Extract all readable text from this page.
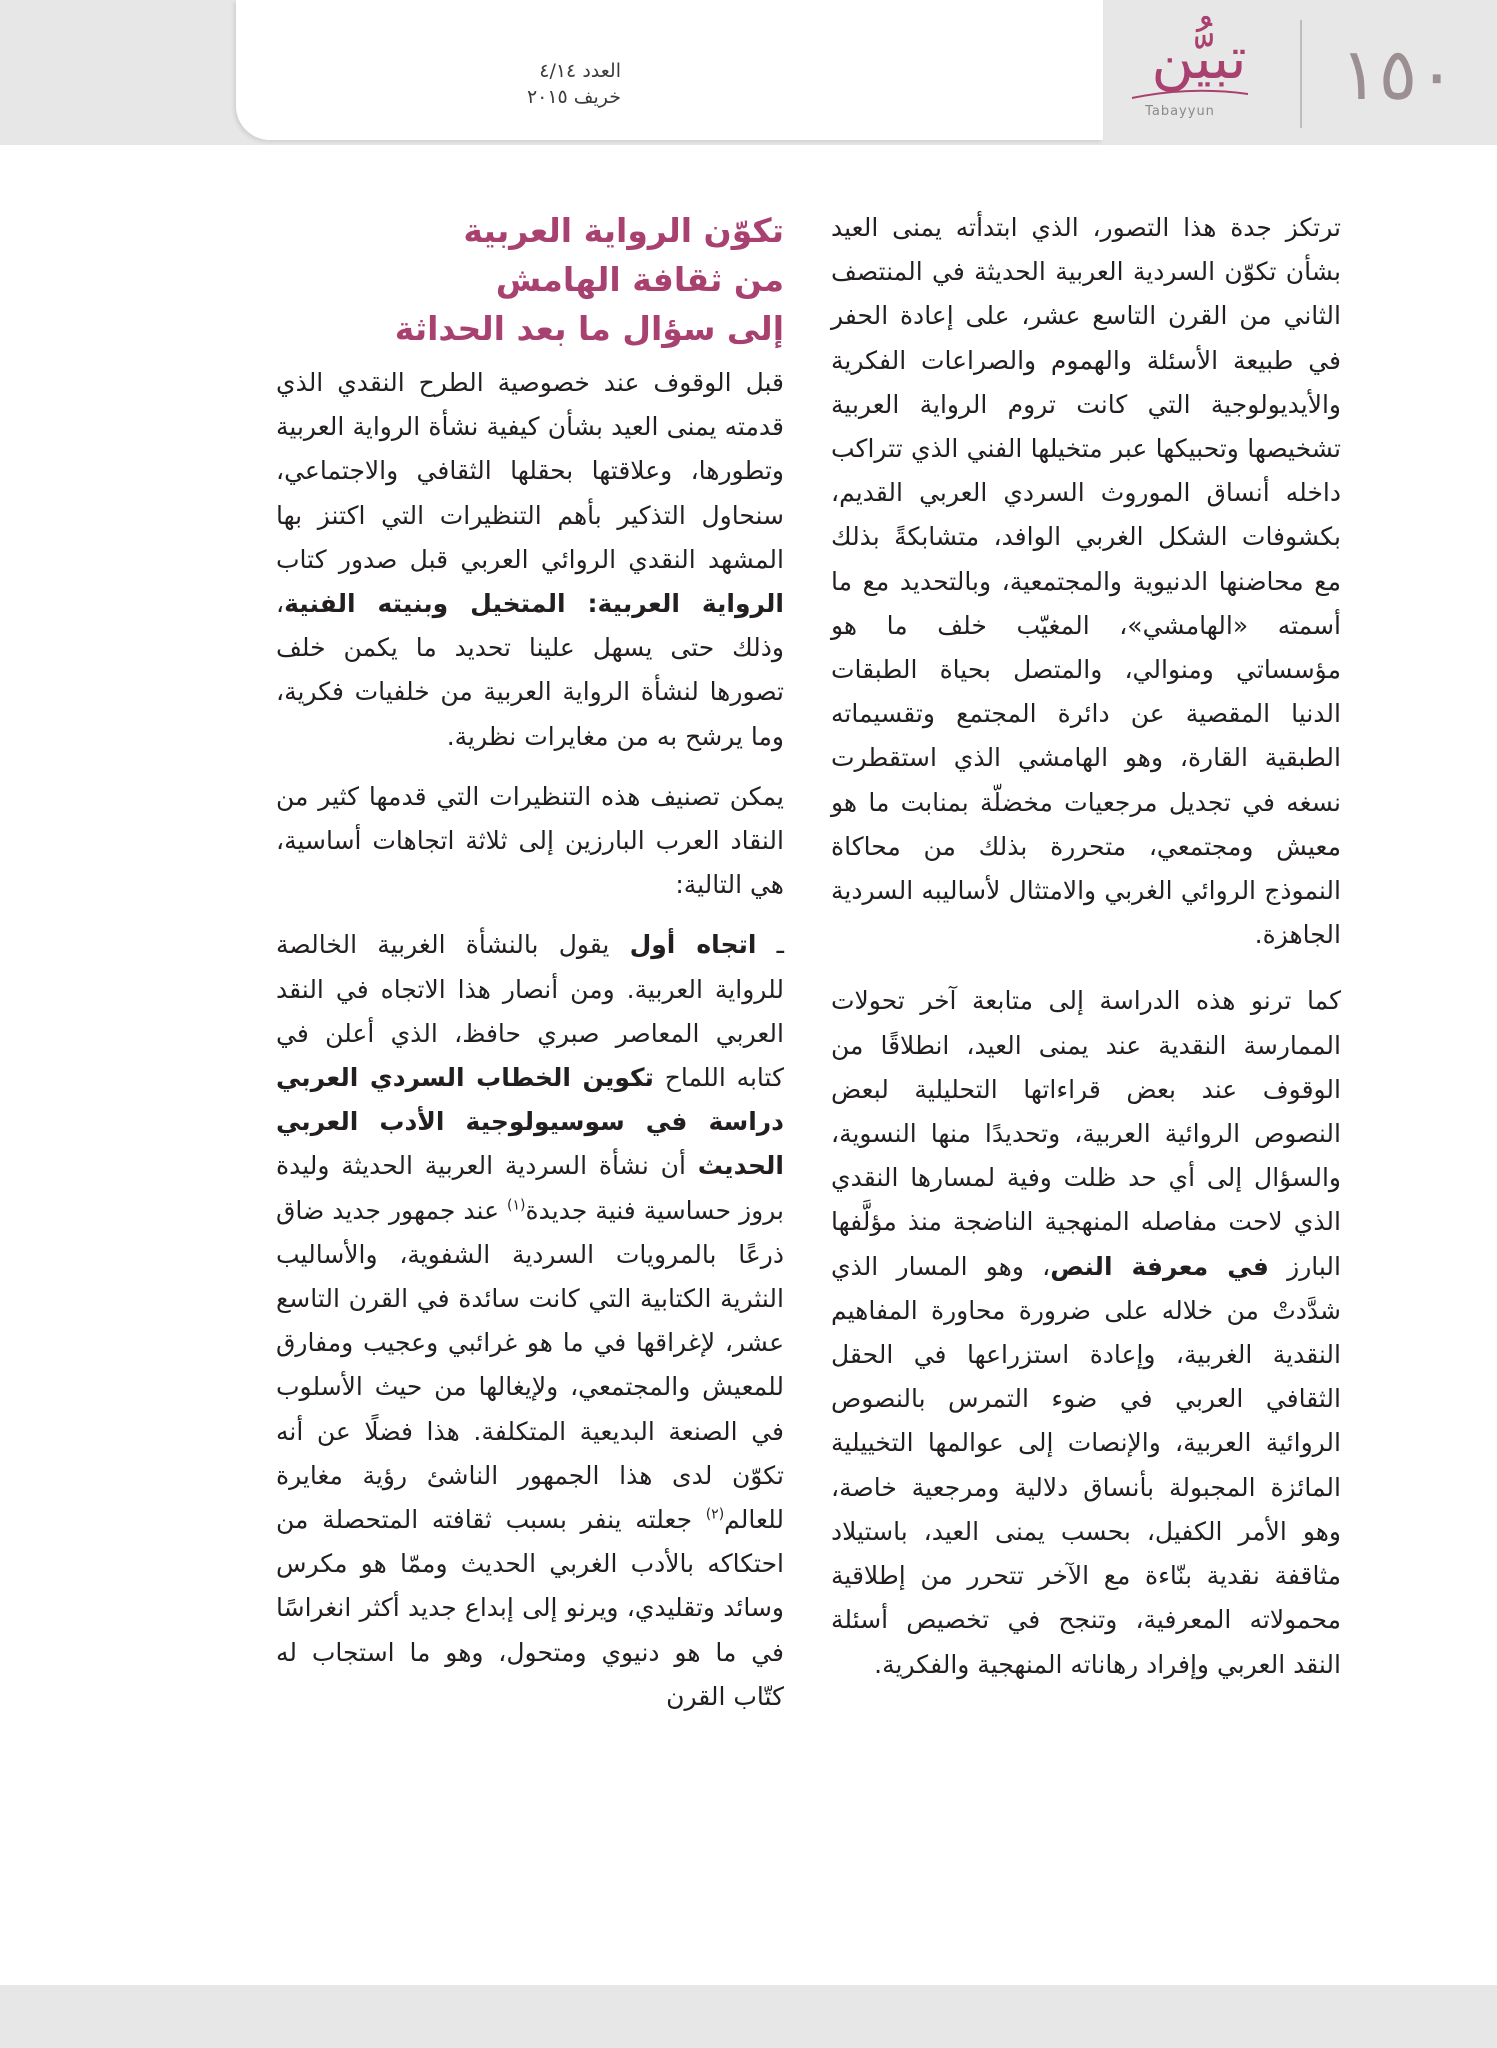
العدد ٤/١٤
خريف ٢٠١٥
تبيُّن
Tabayyun	١٥٠

ترتكز جدة هذا التصور، الذي ابتدأته يمنى العيد بشأن تكوّن السردية العربية الحديثة في المنتصف الثاني من القرن التاسع عشر، على إعادة الحفر في طبيعة الأسئلة والهموم والصراعات الفكرية والأيديولوجية التي كانت تروم الرواية العربية تشخيصها وتحبيكها عبر متخيلها الفني الذي تتراكب داخله أنساق الموروث السردي العربي القديم، بكشوفات الشكل الغربي الوافد، متشابكةً بذلك مع محاضنها الدنيوية والمجتمعية، وبالتحديد مع ما أسمته «الهامشي»، المغيّب خلف ما هو مؤسساتي ومنوالي، والمتصل بحياة الطبقات الدنيا المقصية عن دائرة المجتمع وتقسيماته الطبقية القارة، وهو الهامشي الذي استقطرت نسغه في تجديل مرجعيات مخضلّة بمنابت ما هو معيش ومجتمعي، متحررة بذلك من محاكاة النموذج الروائي الغربي والامتثال لأساليبه السردية الجاهزة.

كما ترنو هذه الدراسة إلى متابعة آخر تحولات الممارسة النقدية عند يمنى العيد، انطلاقًا من الوقوف عند بعض قراءاتها التحليلية لبعض النصوص الروائية العربية، وتحديدًا منها النسوية، والسؤال إلى أي حد ظلت وفية لمسارها النقدي الذي لاحت مفاصله المنهجية الناضجة منذ مؤلَّفها البارز في معرفة النص، وهو المسار الذي شدَّدتْ من خلاله على ضرورة محاورة المفاهيم النقدية الغربية، وإعادة استزراعها في الحقل الثقافي العربي في ضوء التمرس بالنصوص الروائية العربية، والإنصات إلى عوالمها التخييلية المائزة المجبولة بأنساق دلالية ومرجعية خاصة، وهو الأمر الكفيل، بحسب يمنى العيد، باستيلاد مثاقفة نقدية بنّاءة مع الآخر تتحرر من إطلاقية محمولاته المعرفية، وتنجح في تخصيص أسئلة النقد العربي وإفراد رهاناته المنهجية والفكرية.

تكوّن الرواية العربية
من ثقافة الهامش
إلى سؤال ما بعد الحداثة

قبل الوقوف عند خصوصية الطرح النقدي الذي قدمته يمنى العيد بشأن كيفية نشأة الرواية العربية وتطورها، وعلاقتها بحقلها الثقافي والاجتماعي، سنحاول التذكير بأهم التنظيرات التي اكتنز بها المشهد النقدي الروائي العربي قبل صدور كتاب الرواية العربية: المتخيل وبنيته الفنية، وذلك حتى يسهل علينا تحديد ما يكمن خلف تصورها لنشأة الرواية العربية من خلفيات فكرية، وما يرشح به من مغايرات نظرية.

يمكن تصنيف هذه التنظيرات التي قدمها كثير من النقاد العرب البارزين إلى ثلاثة اتجاهات أساسية، هي التالية:

ـ اتجاه أول يقول بالنشأة الغربية الخالصة للرواية العربية. ومن أنصار هذا الاتجاه في النقد العربي المعاصر صبري حافظ، الذي أعلن في كتابه اللماح تكوين الخطاب السردي العربي دراسة في سوسيولوجية الأدب العربي الحديث أن نشأة السردية العربية الحديثة وليدة بروز حساسية فنية جديدة$^{(١)}$ عند جمهور جديد ضاق ذرعًا بالمرويات السردية الشفوية، والأساليب النثرية الكتابية التي كانت سائدة في القرن التاسع عشر، لإغراقها في ما هو غرائبي وعجيب ومفارق للمعيش والمجتمعي، ولإيغالها من حيث الأسلوب في الصنعة البديعية المتكلفة. هذا فضلًا عن أنه تكوّن لدى هذا الجمهور الناشئ رؤية مغايرة للعالم$^{(٢)}$ جعلته ينفر بسبب ثقافته المتحصلة من احتكاكه بالأدب الغربي الحديث وممّا هو مكرس وسائد وتقليدي، ويرنو إلى إبداع جديد أكثر انغراسًا في ما هو دنيوي ومتحول، وهو ما استجاب له كتّاب القرن
